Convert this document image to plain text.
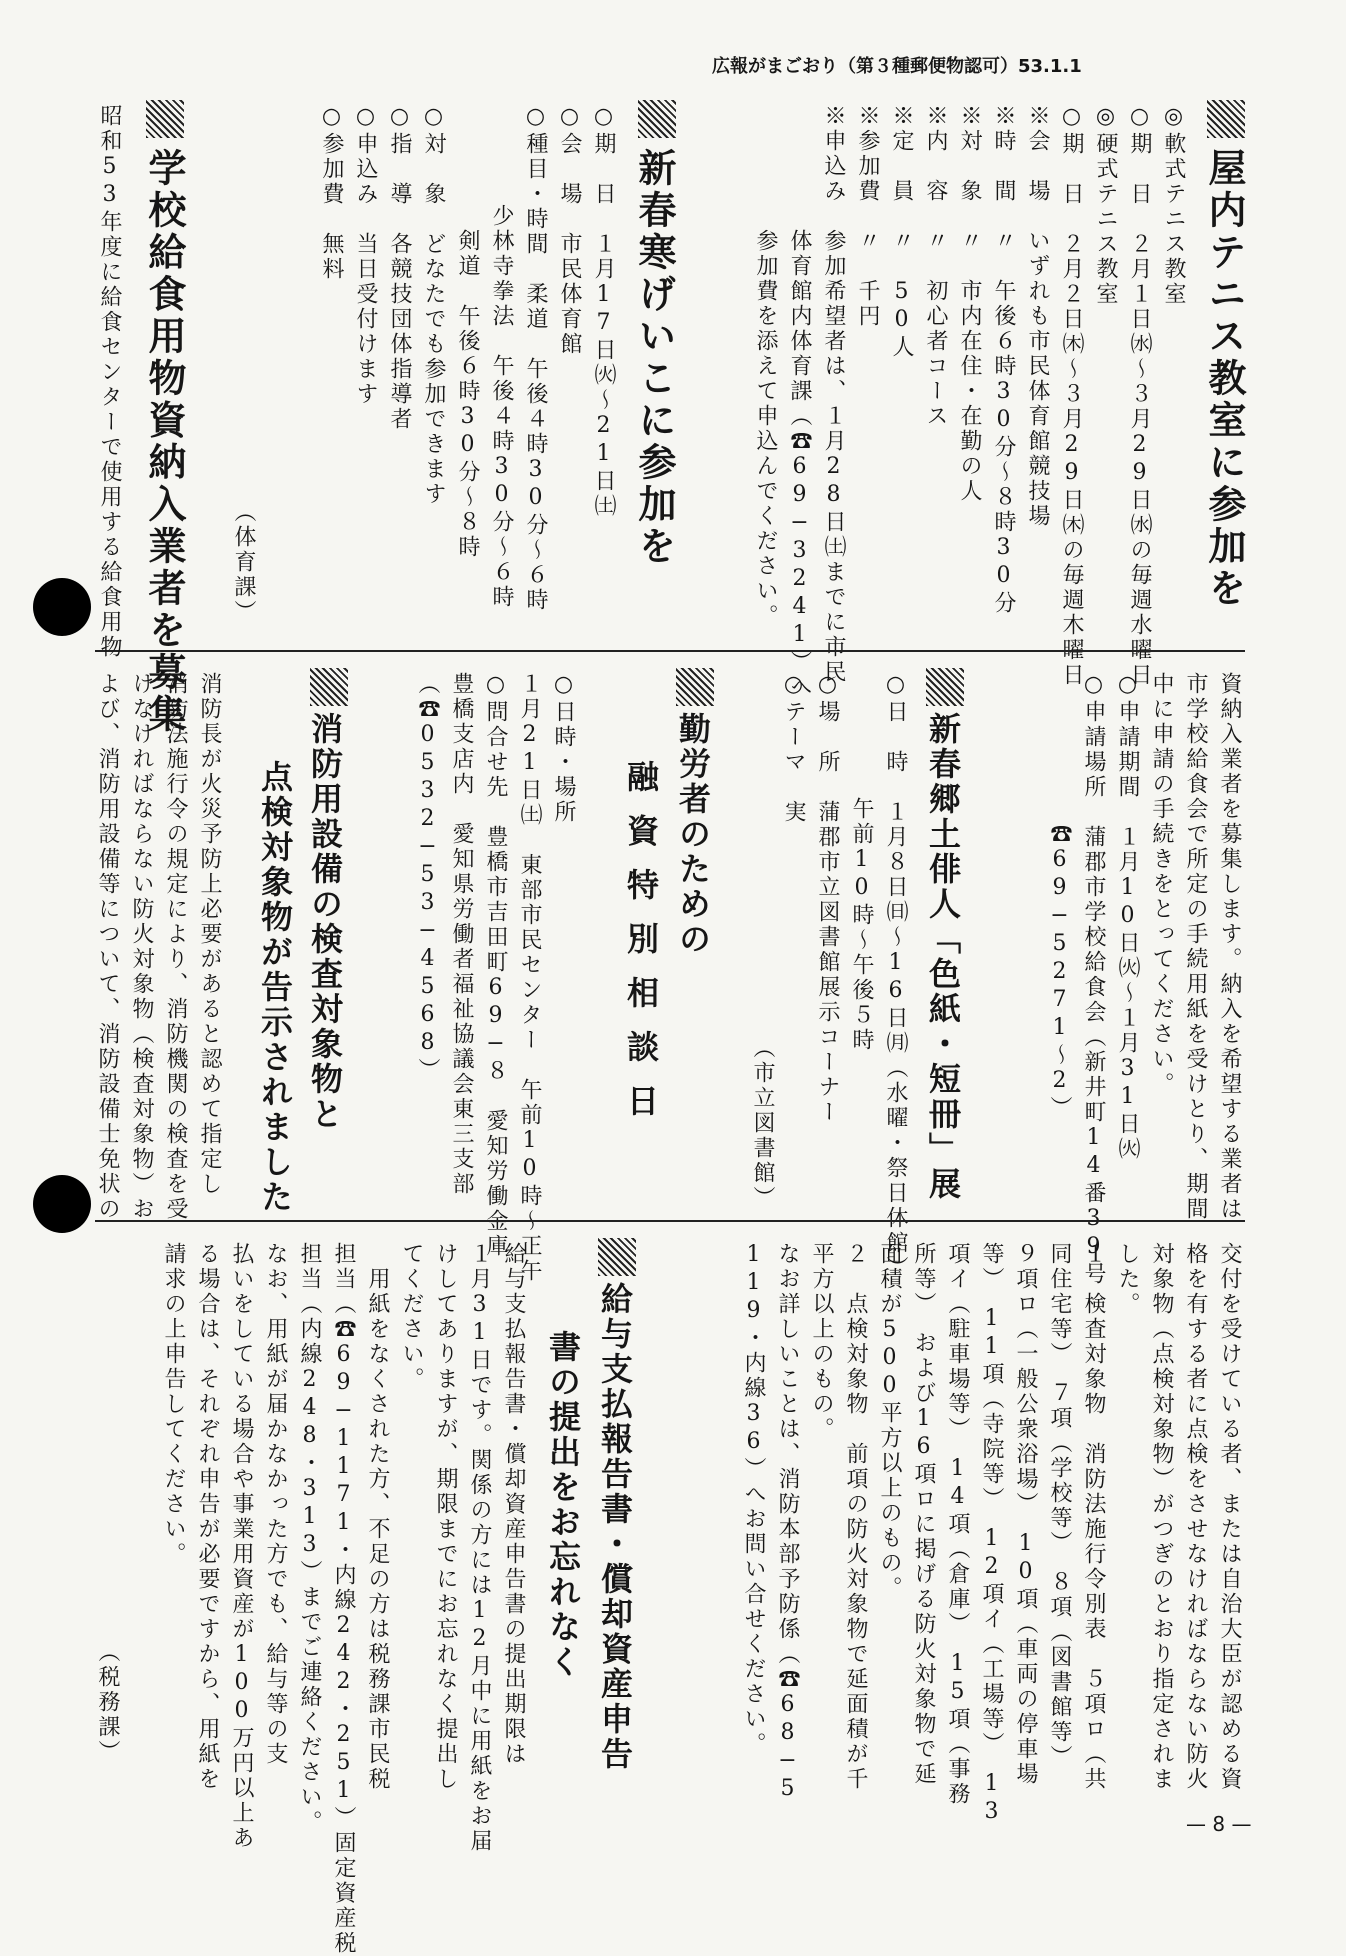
広報がまごおり（第３種郵便物認可）53.1.1
屋内テニス教室に参加を
◎軟式テニス教室
○期　日　２月１日㈬〜３月29日㈬の毎週水曜日
◎硬式テニス教室
○期　日　２月２日㈭〜３月29日㈭の毎週木曜日
※会　場　いずれも市民体育館競技場
※時　間　〃　午後６時30分〜８時30分
※対　象　〃　市内在住・在勤の人
※内　容　〃　初心者コース
※定　員　〃　50人
※参加費　〃　千円
※申込み　参加希望者は、１月28日㈯までに市民
　　　　　体育館内体育課（☎69−3241）へ
　　　　　参加費を添えて申込んでください。
新春寒げいこに参加を
○期　日　１月17日㈫〜21日㈯
○会　場　市民体育館
○種目・時間　柔道　午後４時30分〜６時
　　　　少林寺拳法　午後４時30分〜６時
　　　　　剣道　午後６時30分〜８時
○対　象　どなたでも参加できます
○指　導　各競技団体指導者
○申込み　当日受付けます
○参加費　無料
（体育課）
学校給食用物資納入業者を募集
資納入業者を募集します。納入を希望する業者は
市学校給食会で所定の手続用紙を受けとり、期間
中に申請の手続きをとってください。
○申請期間　１月10日㈫〜１月31日㈫
○申請場所　蒲郡市学校給食会（新井町14番39号
　　　　　　☎69−5271〜2）
新春郷土俳人「色紙・短冊」展
○日　時　１月８日㈰〜16日㈪（水曜・祭日休館）
　　　　　午前10時〜午後５時
○場　所　蒲郡市立図書館展示コーナー
○テーマ　実
（市立図書館）
勤労者のための
融資特別相談日
○日時・場所
１月21日㈯　東部市民センター　午前10時〜正午
○問合せ先　豊橋市吉田町69−８　愛知労働金庫
豊橋支店内　愛知県労働者福祉協議会東三支部
（☎0532−53−4568）
消防用設備の検査対象物と
点検対象物が告示されました
交付を受けている者、または自治大臣が認める資
格を有する者に点検をさせなければならない防火
対象物（点検対象物）がつぎのとおり指定されま
した。
１　検査対象物　消防法施行令別表　５項ロ（共
同住宅等）　７項（学校等）　８項（図書館等）
９項ロ（一般公衆浴場）　10項（車両の停車場
等）　11項（寺院等）　12項イ（工場等）　13
項イ（駐車場等）　14項（倉庫）　15項（事務
所等）　および16項ロに掲げる防火対象物で延
面積が500平方以上のもの。
２　点検対象物　前項の防火対象物で延面積が千
平方以上のもの。
なお詳しいことは、消防本部予防係（☎68−5
119・内線36）へお問い合せください。
給与支払報告書・償却資産申告
書の提出をお忘れなく
給与支払報告書・償却資産申告書の提出期限は
１月31日です。関係の方には12月中に用紙をお届
けしてありますが、期限までにお忘れなく提出し
てください。
　用紙をなくされた方、不足の方は税務課市民税
担当（☎69−1171・内線242・251）固定資産税
担当（内線248・313）までご連絡ください。
なお、用紙が届かなかった方でも、給与等の支
払いをしている場合や事業用資産が100万円以上あ
る場合は、それぞれ申告が必要ですから、用紙を
請求の上申告してください。
（税務課）
— 8 —
昭和53年度に給食センターで使用する給食用物
消防長が火災予防上必要があると認めて指定し
消防法施行令の規定により、消防機関の検査を受
けなければならない防火対象物（検査対象物）お
よび、消防用設備等について、消防設備士免状の
